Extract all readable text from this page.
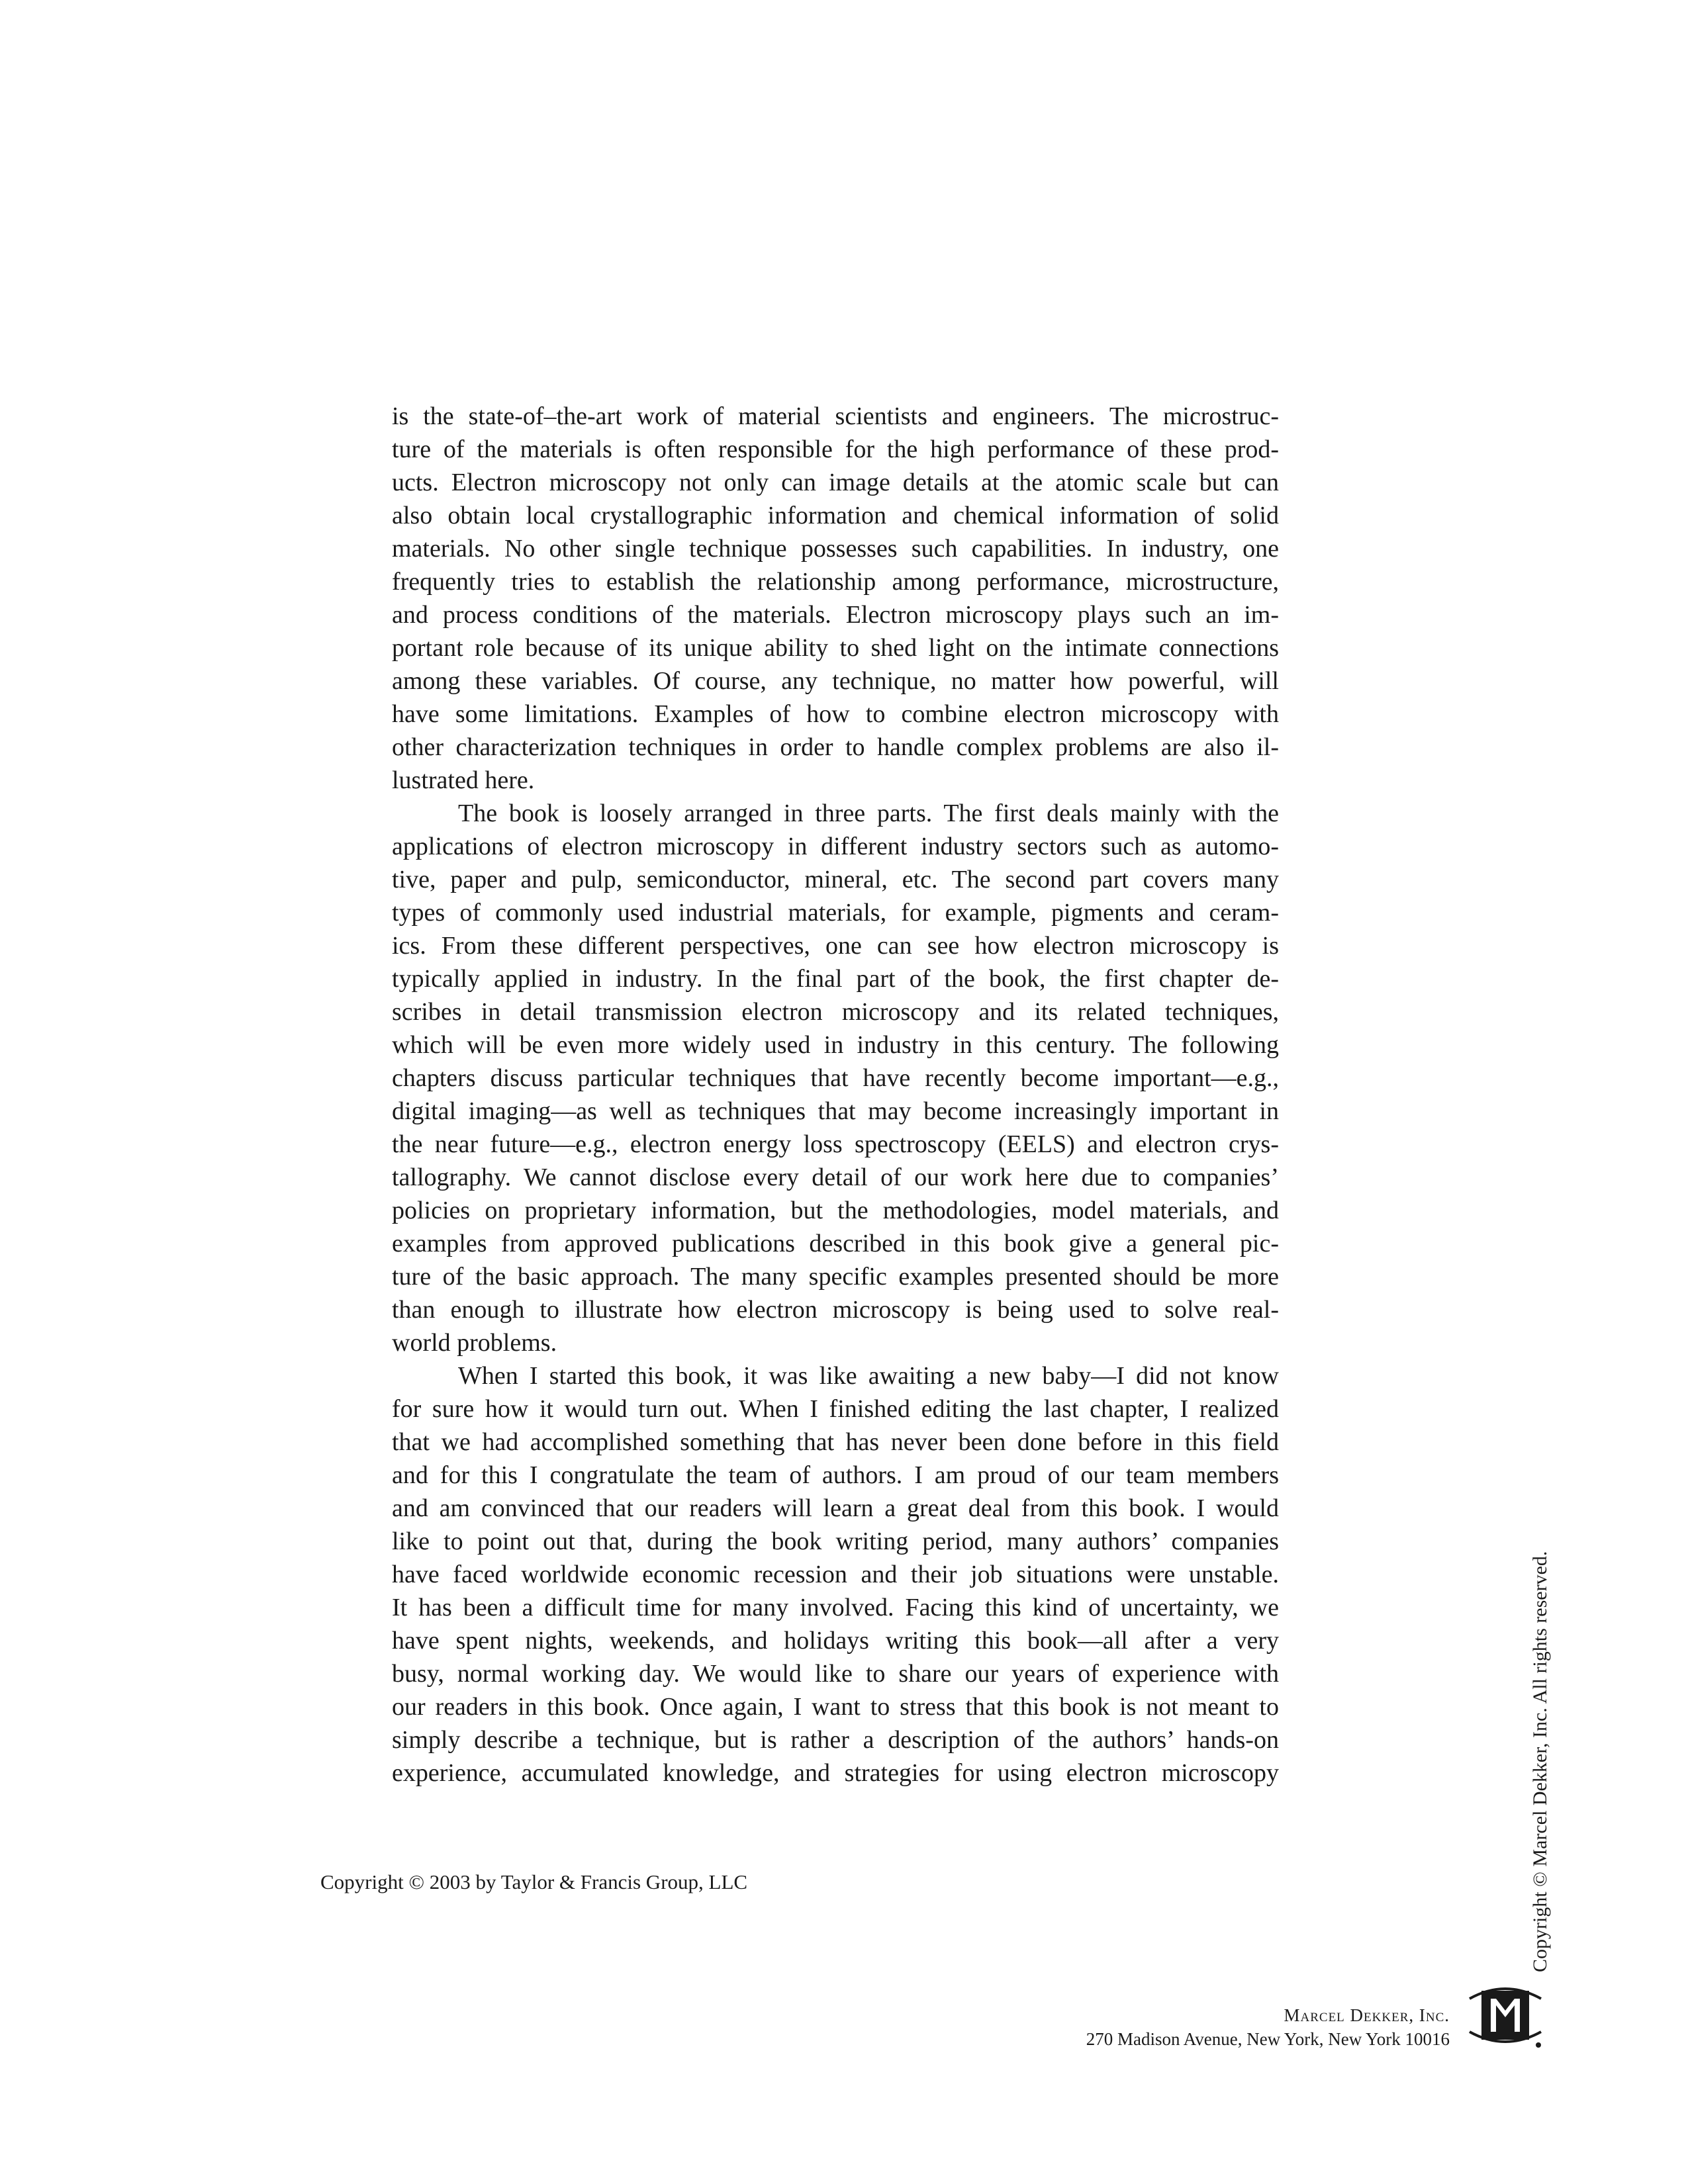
is the state-of–the-art work of material scientists and engineers. The microstruc-
ture of the materials is often responsible for the high performance of these prod-
ucts. Electron microscopy not only can image details at the atomic scale but can
also obtain local crystallographic information and chemical information of solid
materials. No other single technique possesses such capabilities. In industry, one
frequently tries to establish the relationship among performance, microstructure,
and process conditions of the materials. Electron microscopy plays such an im-
portant role because of its unique ability to shed light on the intimate connections
among these variables. Of course, any technique, no matter how powerful, will
have some limitations. Examples of how to combine electron microscopy with
other characterization techniques in order to handle complex problems are also il-
lustrated here.
The book is loosely arranged in three parts. The first deals mainly with the
applications of electron microscopy in different industry sectors such as automo-
tive, paper and pulp, semiconductor, mineral, etc. The second part covers many
types of commonly used industrial materials, for example, pigments and ceram-
ics. From these different perspectives, one can see how electron microscopy is
typically applied in industry. In the final part of the book, the first chapter de-
scribes in detail transmission electron microscopy and its related techniques,
which will be even more widely used in industry in this century. The following
chapters discuss particular techniques that have recently become important—e.g.,
digital imaging—as well as techniques that may become increasingly important in
the near future—e.g., electron energy loss spectroscopy (EELS) and electron crys-
tallography. We cannot disclose every detail of our work here due to companies’
policies on proprietary information, but the methodologies, model materials, and
examples from approved publications described in this book give a general pic-
ture of the basic approach. The many specific examples presented should be more
than enough to illustrate how electron microscopy is being used to solve real-
world problems.
When I started this book, it was like awaiting a new baby—I did not know
for sure how it would turn out. When I finished editing the last chapter, I realized
that we had accomplished something that has never been done before in this field
and for this I congratulate the team of authors. I am proud of our team members
and am convinced that our readers will learn a great deal from this book. I would
like to point out that, during the book writing period, many authors’ companies
have faced worldwide economic recession and their job situations were unstable.
It has been a difficult time for many involved. Facing this kind of uncertainty, we
have spent nights, weekends, and holidays writing this book—all after a very
busy, normal working day. We would like to share our years of experience with
our readers in this book. Once again, I want to stress that this book is not meant to
simply describe a technique, but is rather a description of the authors’ hands-on
experience, accumulated knowledge, and strategies for using electron microscopy
Copyright © 2003 by Taylor & Francis Group, LLC	Copyright © Marcel Dekker, Inc. All rights reserved.
Marcel Dekker, Inc.
270 Madison Avenue, New York, New York 10016
